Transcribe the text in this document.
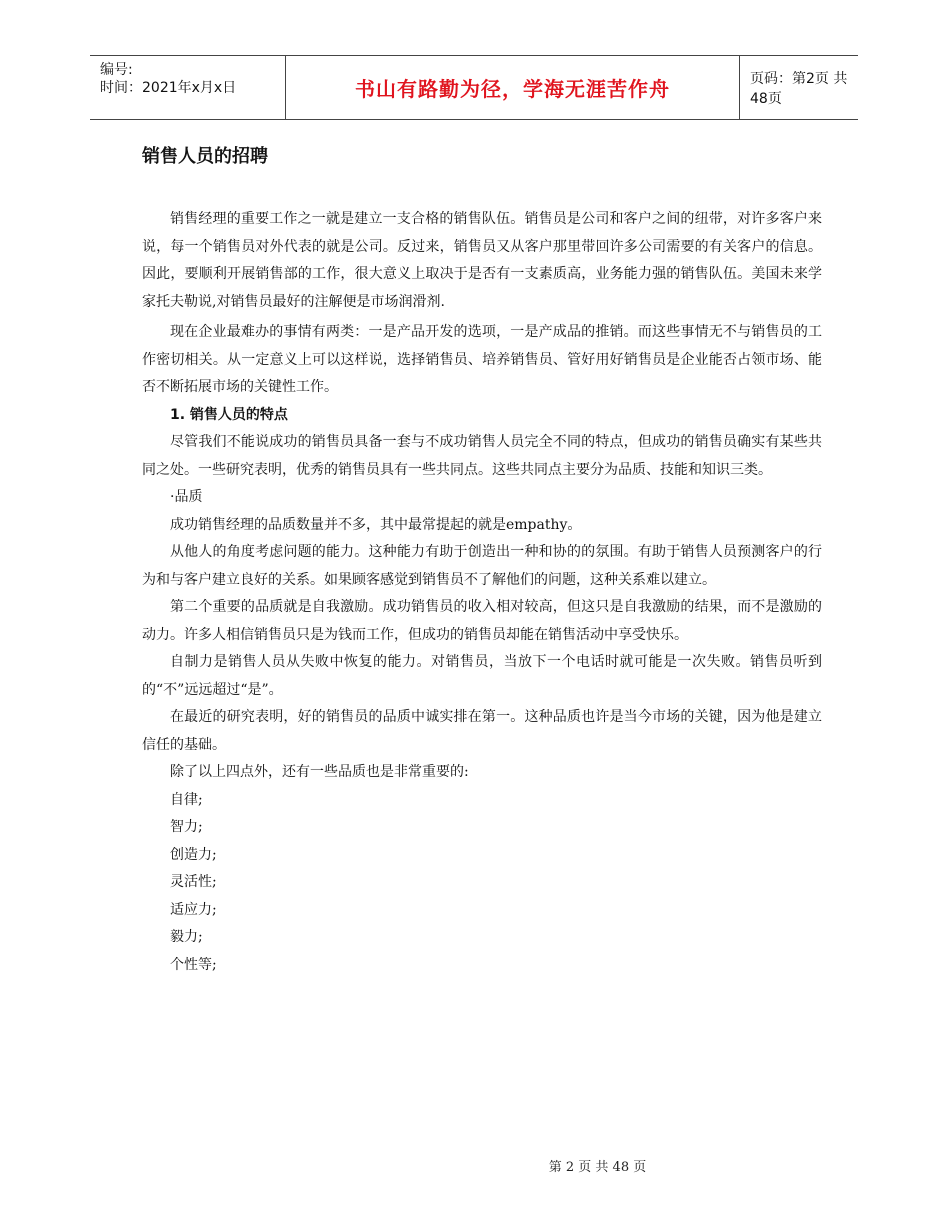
编号:
时间：2021年x月x日	书山有路勤为径，学海无涯苦作舟	页码：第2页 共48页
销售人员的招聘

销售经理的重要工作之一就是建立一支合格的销售队伍。销售员是公司和客户之间的纽带，对许多客户来说，每一个销售员对外代表的就是公司。反过来，销售员又从客户那里带回许多公司需要的有关客户的信息。因此，要顺利开展销售部的工作，很大意义上取决于是否有一支素质高，业务能力强的销售队伍。美国未来学家托夫勒说,对销售员最好的注解便是市场润滑剂.

现在企业最难办的事情有两类：一是产品开发的选项，一是产成品的推销。而这些事情无不与销售员的工作密切相关。从一定意义上可以这样说，选择销售员、培养销售员、管好用好销售员是企业能否占领市场、能否不断拓展市场的关键性工作。

1. 销售人员的特点

尽管我们不能说成功的销售员具备一套与不成功销售人员完全不同的特点，但成功的销售员确实有某些共同之处。一些研究表明，优秀的销售员具有一些共同点。这些共同点主要分为品质、技能和知识三类。

·品质

成功销售经理的品质数量并不多，其中最常提起的就是empathy。

从他人的角度考虑问题的能力。这种能力有助于创造出一种和协的的氛围。有助于销售人员预测客户的行为和与客户建立良好的关系。如果顾客感觉到销售员不了解他们的问题，这种关系难以建立。

第二个重要的品质就是自我激励。成功销售员的收入相对较高，但这只是自我激励的结果，而不是激励的动力。许多人相信销售员只是为钱而工作，但成功的销售员却能在销售活动中享受快乐。

自制力是销售人员从失败中恢复的能力。对销售员，当放下一个电话时就可能是一次失败。销售员听到的“不”远远超过“是”。

在最近的研究表明，好的销售员的品质中诚实排在第一。这种品质也许是当今市场的关键，因为他是建立信任的基础。

除了以上四点外，还有一些品质也是非常重要的:

自律;

智力;

创造力;

灵活性;

适应力;

毅力;

个性等;

第 2 页 共 48 页
